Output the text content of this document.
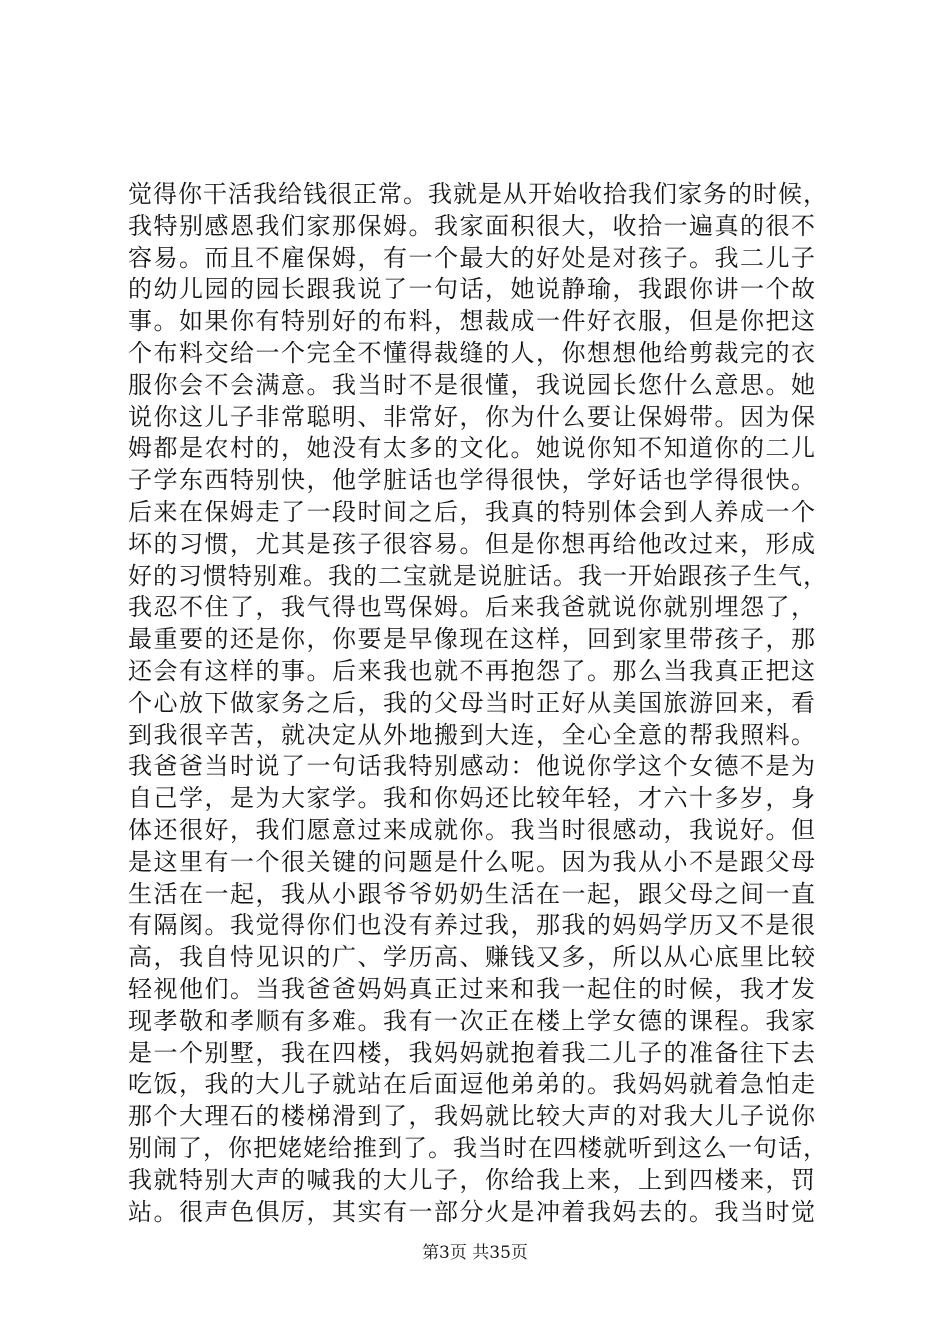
觉得你干活我给钱很正常。我就是从开始收拾我们家务的时候，
我特别感恩我们家那保姆。我家面积很大，收拾一遍真的很不
容易。而且不雇保姆，有一个最大的好处是对孩子。我二儿子
的幼儿园的园长跟我说了一句话，她说静瑜，我跟你讲一个故
事。如果你有特别好的布料，想裁成一件好衣服，但是你把这
个布料交给一个完全不懂得裁缝的人，你想想他给剪裁完的衣
服你会不会满意。我当时不是很懂，我说园长您什么意思。她
说你这儿子非常聪明、非常好，你为什么要让保姆带。因为保
姆都是农村的，她没有太多的文化。她说你知不知道你的二儿
子学东西特别快，他学脏话也学得很快，学好话也学得很快。
后来在保姆走了一段时间之后，我真的特别体会到人养成一个
坏的习惯，尤其是孩子很容易。但是你想再给他改过来，形成
好的习惯特别难。我的二宝就是说脏话。我一开始跟孩子生气，
我忍不住了，我气得也骂保姆。后来我爸就说你就别埋怨了，
最重要的还是你，你要是早像现在这样，回到家里带孩子，那
还会有这样的事。后来我也就不再抱怨了。那么当我真正把这
个心放下做家务之后，我的父母当时正好从美国旅游回来，看
到我很辛苦，就决定从外地搬到大连，全心全意的帮我照料。
我爸爸当时说了一句话我特别感动：他说你学这个女德不是为
自己学，是为大家学。我和你妈还比较年轻，才六十多岁，身
体还很好，我们愿意过来成就你。我当时很感动，我说好。但
是这里有一个很关键的问题是什么呢。因为我从小不是跟父母
生活在一起，我从小跟爷爷奶奶生活在一起，跟父母之间一直
有隔阂。我觉得你们也没有养过我，那我的妈妈学历又不是很
高，我自恃见识的广、学历高、赚钱又多，所以从心底里比较
轻视他们。当我爸爸妈妈真正过来和我一起住的时候，我才发
现孝敬和孝顺有多难。我有一次正在楼上学女德的课程。我家
是一个别墅，我在四楼，我妈妈就抱着我二儿子的准备往下去
吃饭，我的大儿子就站在后面逗他弟弟的。我妈妈就着急怕走
那个大理石的楼梯滑到了，我妈就比较大声的对我大儿子说你
别闹了，你把姥姥给推到了。我当时在四楼就听到这么一句话，
我就特别大声的喊我的大儿子，你给我上来，上到四楼来，罚
站。很声色俱厉，其实有一部分火是冲着我妈去的。我当时觉
第3页 共35页
